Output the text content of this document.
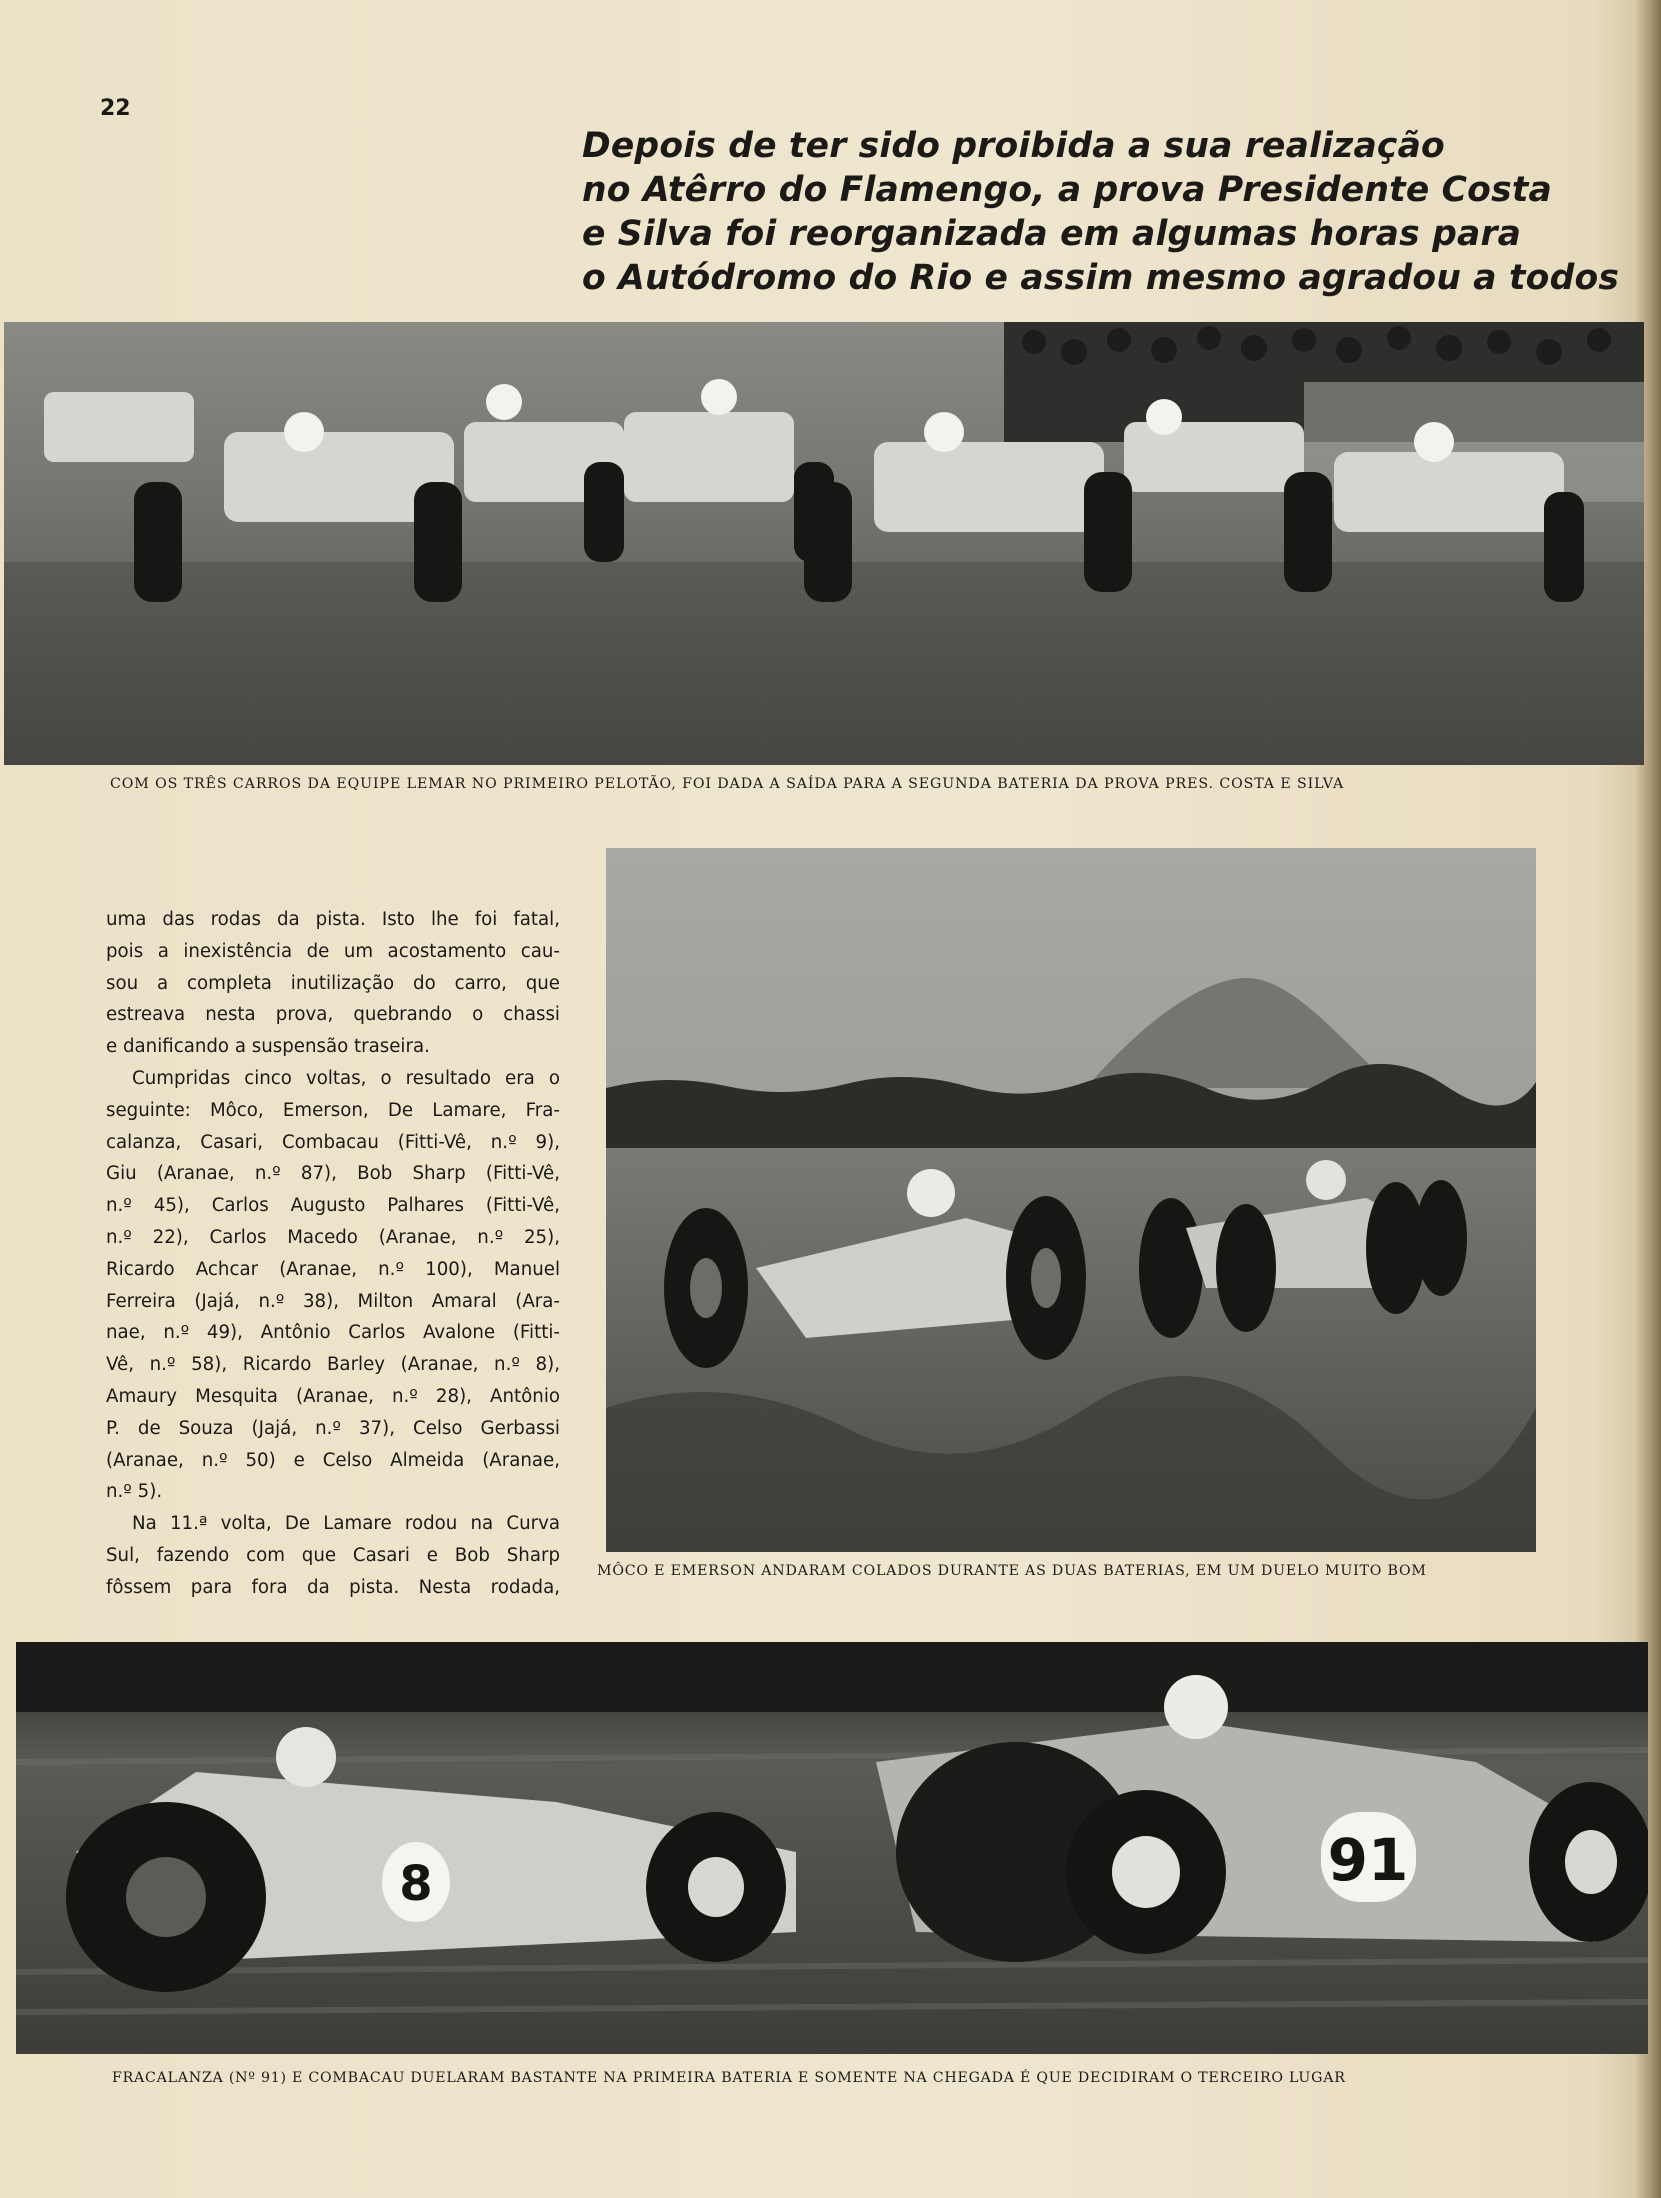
22
Depois de ter sido proibida a sua realização
no Atêrro do Flamengo, a prova Presidente Costa
e Silva foi reorganizada em algumas horas para
o Autódromo do Rio e assim mesmo agradou a todos
COM OS TRÊS CARROS DA EQUIPE LEMAR NO PRIMEIRO PELOTÃO, FOI DADA A SAÍDA PARA A SEGUNDA BATERIA DA PROVA PRES. COSTA E SILVA
MÔCO E EMERSON ANDARAM COLADOS DURANTE AS DUAS BATERIAS, EM UM DUELO MUITO BOM
uma das rodas da pista. Isto lhe foi fatal,
pois a inexistência de um acostamento cau-
sou a completa inutilização do carro, que
estreava nesta prova, quebrando o chassi
e danificando a suspensão traseira.
Cumpridas cinco voltas, o resultado era o
seguinte: Môco, Emerson, De Lamare, Fra-
calanza, Casari, Combacau (Fitti-Vê, n.º 9),
Giu (Aranae, n.º 87), Bob Sharp (Fitti-Vê,
n.º 45), Carlos Augusto Palhares (Fitti-Vê,
n.º 22), Carlos Macedo (Aranae, n.º 25),
Ricardo Achcar (Aranae, n.º 100), Manuel
Ferreira (Jajá, n.º 38), Milton Amaral (Ara-
nae, n.º 49), Antônio Carlos Avalone (Fitti-
Vê, n.º 58), Ricardo Barley (Aranae, n.º 8),
Amaury Mesquita (Aranae, n.º 28), Antônio
P. de Souza (Jajá, n.º 37), Celso Gerbassi
(Aranae, n.º 50) e Celso Almeida (Aranae,
n.º 5).
Na 11.ª volta, De Lamare rodou na Curva
Sul, fazendo com que Casari e Bob Sharp
fôssem para fora da pista. Nesta rodada,
8	91
FRACALANZA (Nº 91) E COMBACAU DUELARAM BASTANTE NA PRIMEIRA BATERIA E SOMENTE NA CHEGADA É QUE DECIDIRAM O TERCEIRO LUGAR
